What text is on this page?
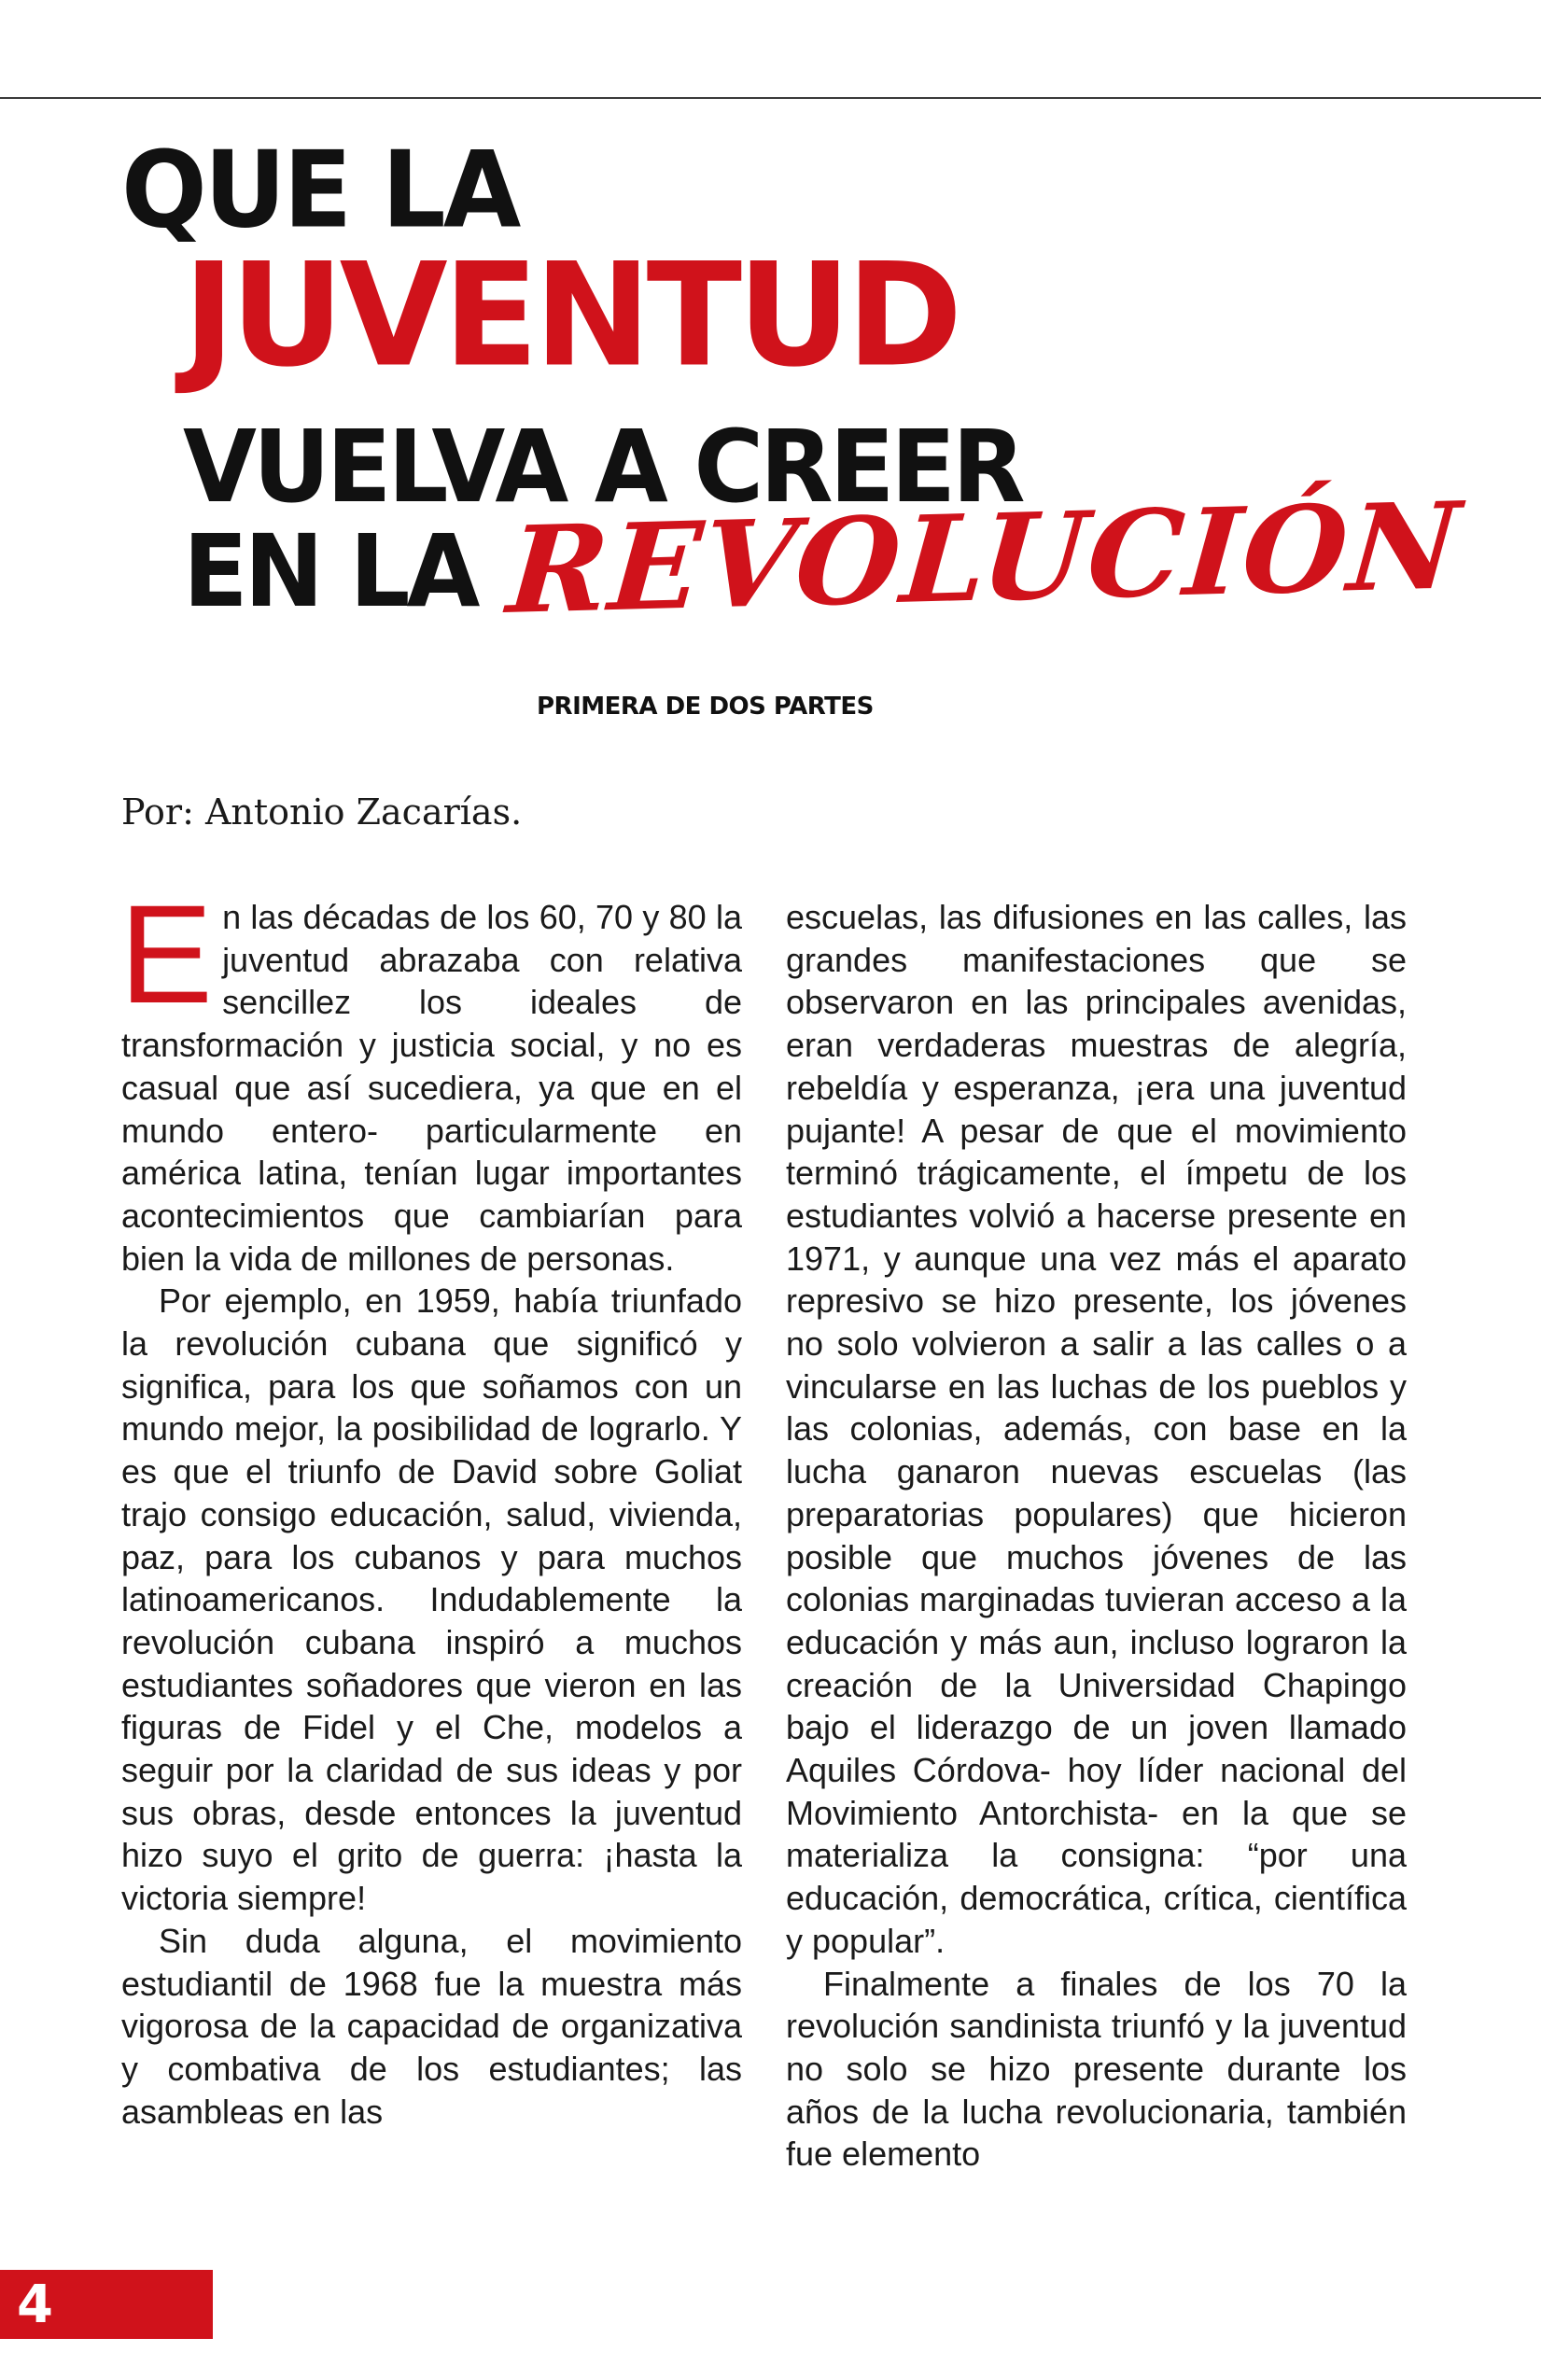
QUE LA
JUVENTUD
VUELVA A CREER
EN LA REVOLUCIÓN

PRIMERA DE DOS PARTES

Por: Antonio Zacarías.

En las décadas de los 60, 70 y 80 la juventud abrazaba con relativa sencillez los ideales de transformación y justicia social, y no es casual que así sucediera, ya que en el mundo entero- particularmente en américa latina, tenían lugar importantes acontecimientos que cambiarían para bien la vida de millones de personas.

Por ejemplo, en 1959, había triunfado la revolución cubana que significó y significa, para los que soñamos con un mundo mejor, la posibilidad de lograrlo. Y es que el triunfo de David sobre Goliat trajo consigo educación, salud, vivienda, paz, para los cubanos y para muchos latinoamericanos. Indudablemente la revolución cubana inspiró a muchos estudiantes soñadores que vieron en las figuras de Fidel y el Che, modelos a seguir por la claridad de sus ideas y por sus obras, desde entonces la juventud hizo suyo el grito de guerra: ¡hasta la victoria siempre!

Sin duda alguna, el movimiento estudiantil de 1968 fue la muestra más vigorosa de la capacidad de organizativa y combativa de los estudiantes; las asambleas en las

escuelas, las difusiones en las calles, las grandes manifestaciones que se observaron en las principales avenidas, eran verdaderas muestras de alegría, rebeldía y esperanza, ¡era una juventud pujante! A pesar de que el movimiento terminó trágicamente, el ímpetu de los estudiantes volvió a hacerse presente en 1971, y aunque una vez más el aparato represivo se hizo presente, los jóvenes no solo volvieron a salir a las calles o a vincularse en las luchas de los pueblos y las colonias, además, con base en la lucha ganaron nuevas escuelas (las preparatorias populares) que hicieron posible que muchos jóvenes de las colonias marginadas tuvieran acceso a la educación y más aun, incluso lograron la creación de la Universidad Chapingo bajo el liderazgo de un joven llamado Aquiles Córdova- hoy líder nacional del Movimiento Antorchista- en la que se materializa la consigna: “por una educación, democrática, crítica, científica y popular”.

Finalmente a finales de los 70 la revolución sandinista triunfó y la juventud no solo se hizo presente durante los años de la lucha revolucionaria, también fue elemento

4
